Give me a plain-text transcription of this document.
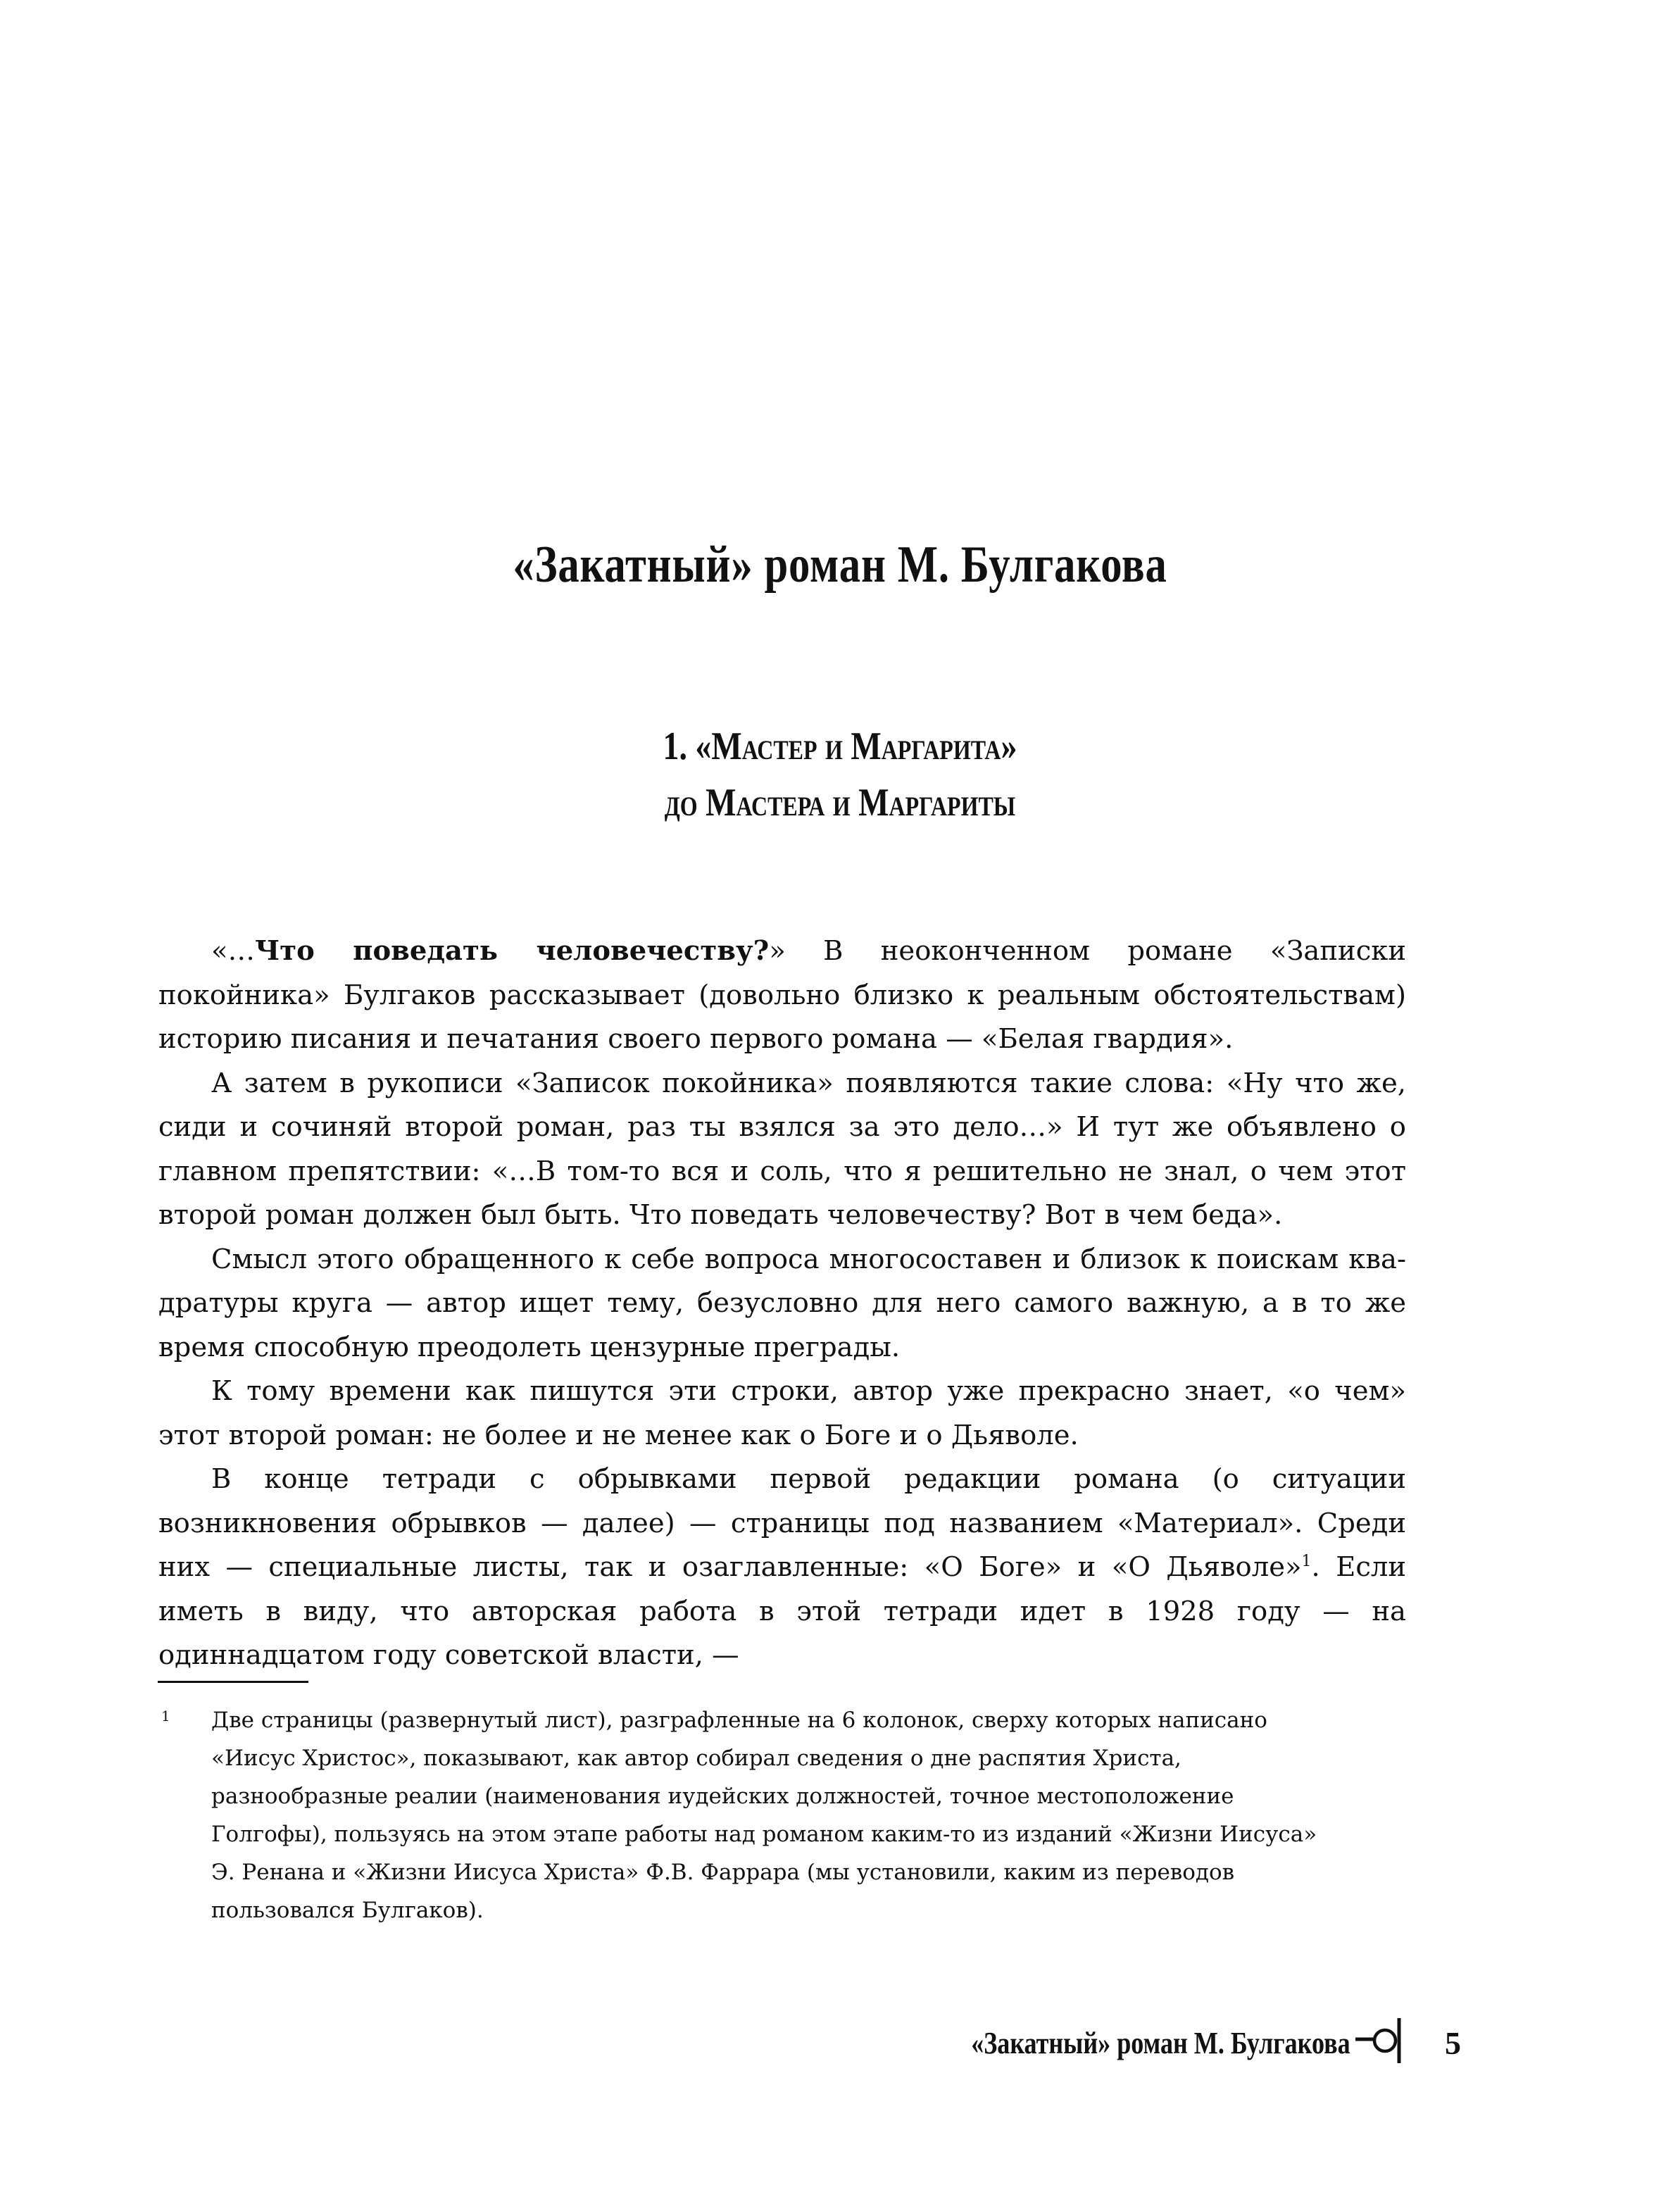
«Закатный» роман М. Булгакова
1. «Мастер и Маргарита»
до Мастера и Маргариты

«…Что поведать человечеству?» В неоконченном романе «Записки покойника» Булгаков рассказывает (довольно близко к реальным обстоятельствам) историю писания и печатания своего первого романа — «Белая гвардия».

А затем в рукописи «Записок покойника» появляются такие слова: «Ну что же, сиди и сочиняй второй роман, раз ты взялся за это дело…» И тут же объявлено о главном препятствии: «…В том-то вся и соль, что я решительно не знал, о чем этот второй роман должен был быть. Что поведать человечеству? Вот в чем беда».

Смысл этого обращенного к себе вопроса многосоставен и близок к поискам квадратуры круга — автор ищет тему, безусловно для него самого важную, а в то же время способную преодолеть цензурные преграды.

К тому времени как пишутся эти строки, автор уже прекрасно знает, «о чем» этот второй роман: не более и не менее как о Боге и о Дьяволе.

В конце тетради с обрывками первой редакции романа (о ситуации возникновения обрывков — далее) — страницы под названием «Материал». Среди них — специальные листы, так и озаглавленные: «О Боге» и «О Дьяволе»$^1$. Если иметь в виду, что авторская работа в этой тетради идет в 1928 году — на одиннадцатом году советской власти, —

1 Две страницы (развернутый лист), разграфленные на 6 колонок, сверху которых написано
«Иисус Христос», показывают, как автор собирал сведения о дне распятия Христа,
разнообразные реалии (наименования иудейских должностей, точное местоположение
Голгофы), пользуясь на этом этапе работы над романом каким-то из изданий «Жизни Иисуса»
Э. Ренана и «Жизни Иисуса Христа» Ф.В. Фаррара (мы установили, каким из переводов
пользовался Булгаков).
«Закатный» роман М. Булгакова	5
